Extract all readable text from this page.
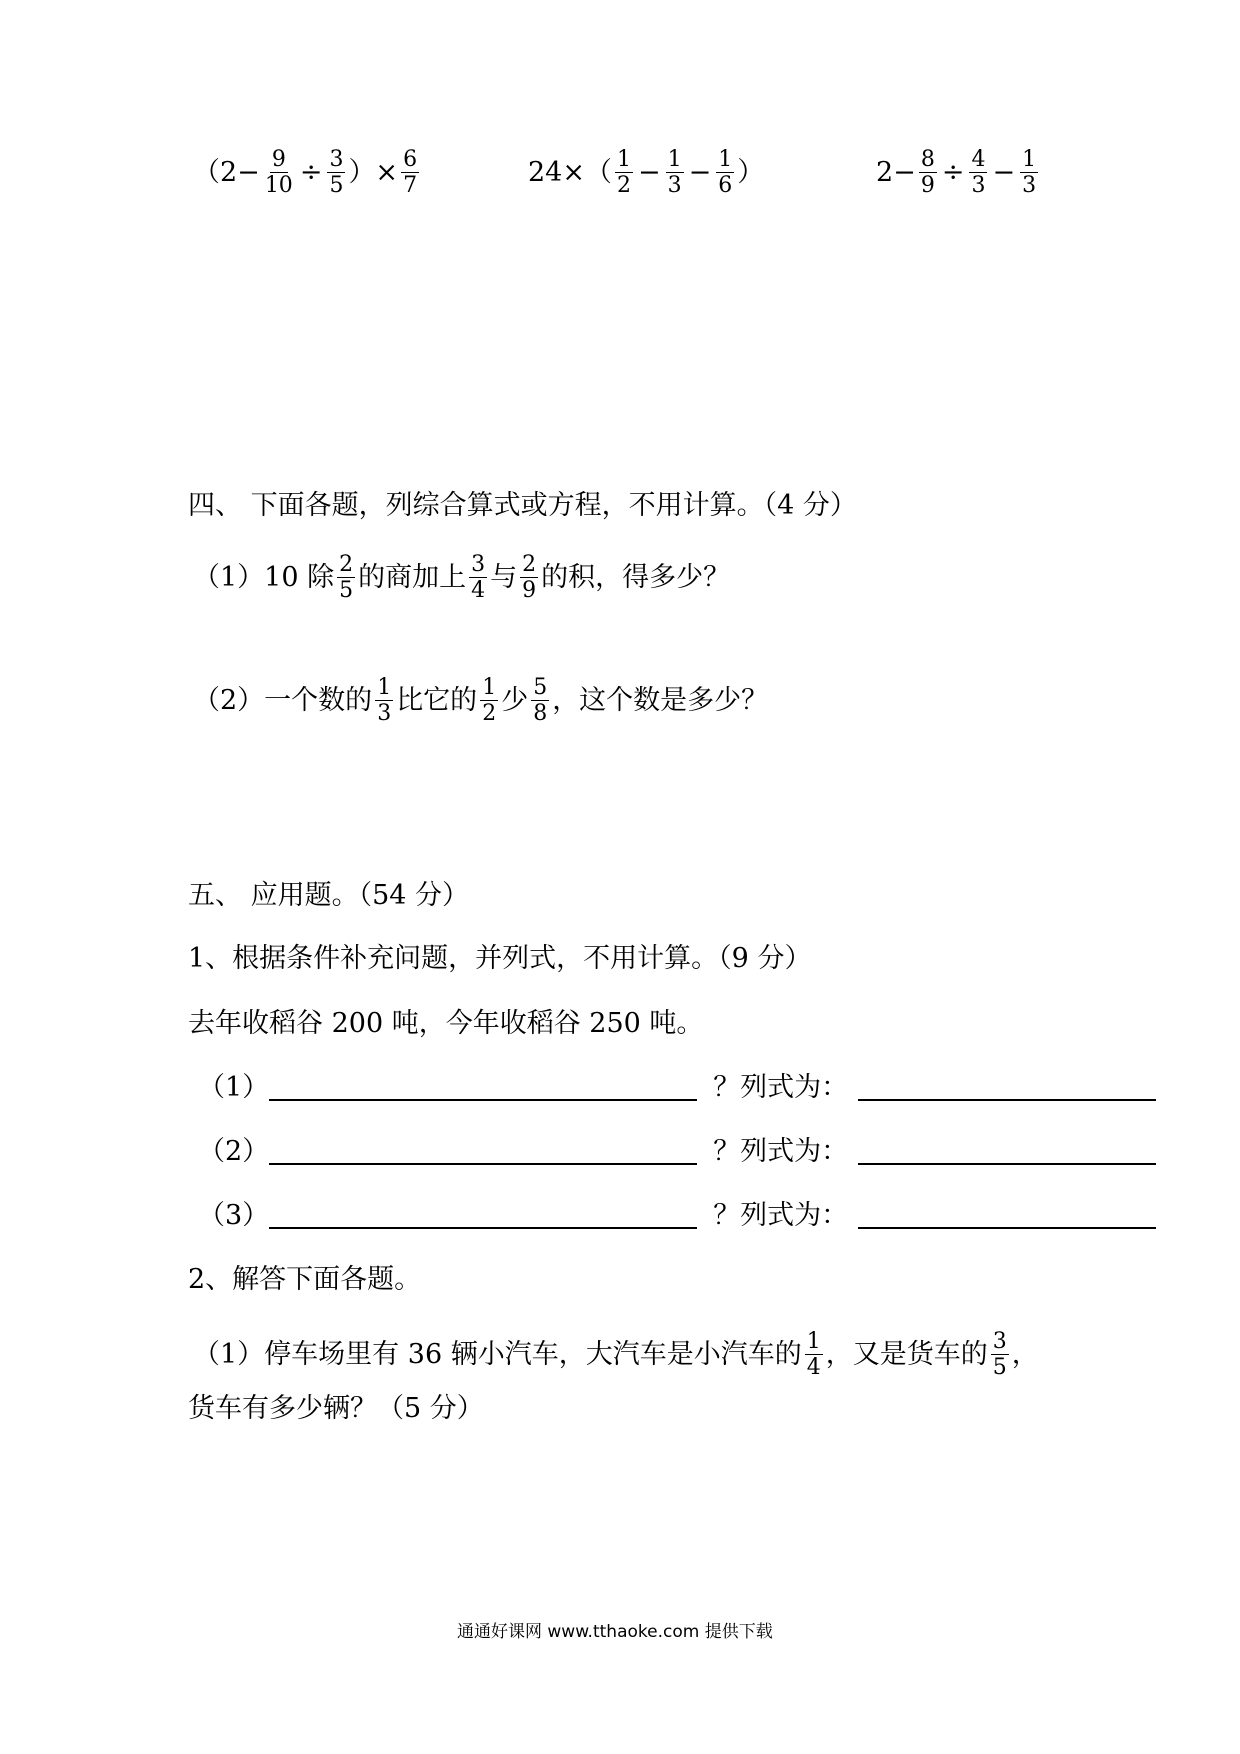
（$2- \frac{9}{10} \div \frac{3}{5}$ ）× $\frac{6}{7}$	$24\times( \frac{1}{2} - \frac{1}{3} - \frac{1}{6}$ ）	$2- \frac{8}{9} \div \frac{4}{3} - \frac{1}{3}$
四、 下面各题，列综合算式或方程，不用计算。（4 分）
（1）10 除 $\frac{2}{5}$ 的商加上 $\frac{3}{4}$ 与 $\frac{2}{9}$ 的积，得多少？
（2）一个数的 $\frac{1}{3}$ 比它的 $\frac{1}{2}$ 少 $\frac{5}{8}$ ，这个数是多少？
五、 应用题。（54 分）
1、根据条件补充问题，并列式，不用计算。（9 分）
去年收稻谷 200 吨，今年收稻谷 250 吨。
（1）	？列式为：
（2）	？列式为：
（3）	？列式为：
2、解答下面各题。
（1）停车场里有 36 辆小汽车，大汽车是小汽车的 $\frac{1}{4}$ ，又是货车的 $\frac{3}{5}$ ，
货车有多少辆？（5 分）
通通好课网 www.tthaoke.com 提供下载
